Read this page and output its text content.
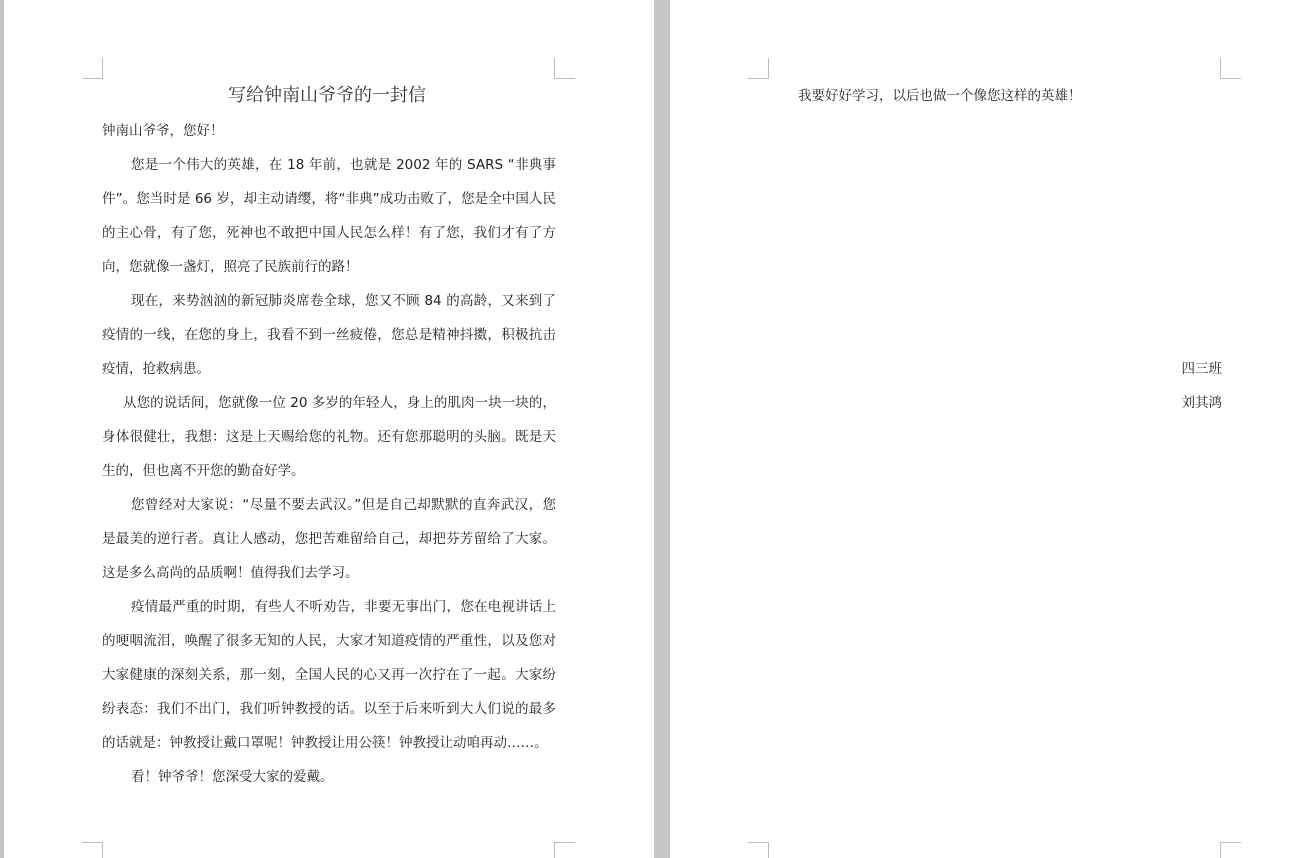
写给钟南山爷爷的一封信

钟南山爷爷，您好！

您是一个伟大的英雄，在 18 年前，也就是 2002 年的 SARS “非典事件”。您当时是 66 岁，却主动请缨，将“非典”成功击败了，您是全中国人民的主心骨，有了您，死神也不敢把中国人民怎么样！有了您，我们才有了方向，您就像一盏灯，照亮了民族前行的路！

现在，来势汹汹的新冠肺炎席卷全球，您又不顾 84 的高龄，又来到了疫情的一线，在您的身上，我看不到一丝疲倦，您总是精神抖擞，积极抗击疫情，抢救病患。

从您的说话间，您就像一位 20 多岁的年轻人，身上的肌肉一块一块的，身体很健壮，我想：这是上天赐给您的礼物。还有您那聪明的头脑。既是天生的，但也离不开您的勤奋好学。

您曾经对大家说：“尽量不要去武汉。”但是自己却默默的直奔武汉，您是最美的逆行者。真让人感动，您把苦难留给自己，却把芬芳留给了大家。这是多么高尚的品质啊！值得我们去学习。

疫情最严重的时期，有些人不听劝告，非要无事出门，您在电视讲话上的哽咽流泪，唤醒了很多无知的人民，大家才知道疫情的严重性，以及您对大家健康的深刻关系，那一刻，全国人民的心又再一次拧在了一起。大家纷纷表态：我们不出门，我们听钟教授的话。以至于后来听到大人们说的最多的话就是：钟教授让戴口罩呢！钟教授让用公筷！钟教授让动咱再动……。

看！钟爷爷！您深受大家的爱戴。

我要好好学习，以后也做一个像您这样的英雄！

四三班
刘其鸿
